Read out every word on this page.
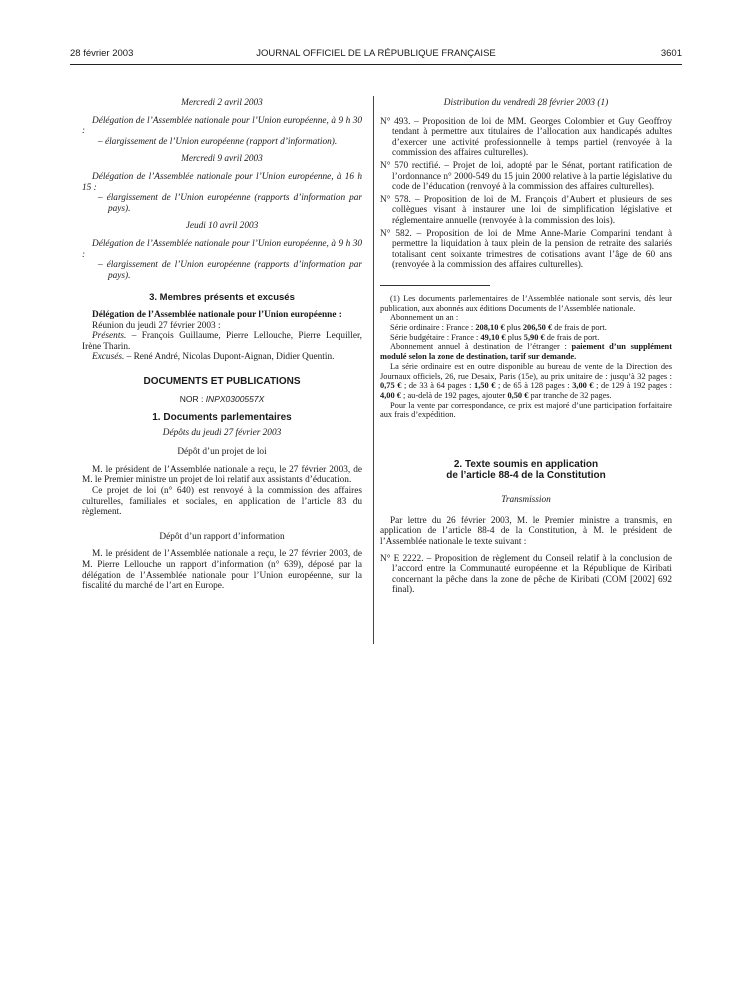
28 février 2003	JOURNAL OFFICIEL DE LA RÉPUBLIQUE FRANÇAISE	3601

Mercredi 2 avril 2003

Délégation de l’Assemblée nationale pour l’Union européenne, à 9 h 30 :

– élargissement de l’Union européenne (rapport d’information).

Mercredi 9 avril 2003

Délégation de l’Assemblée nationale pour l’Union européenne, à 16 h 15 :

– élargissement de l’Union européenne (rapports d’information par pays).

Jeudi 10 avril 2003

Délégation de l’Assemblée nationale pour l’Union européenne, à 9 h 30 :

– élargissement de l’Union européenne (rapports d’information par pays).

3. Membres présents et excusés

Délégation de l’Assemblée nationale pour l’Union européenne :

Réunion du jeudi 27 février 2003 :

Présents. – François Guillaume, Pierre Lellouche, Pierre Lequiller, Irène Tharin.

Excusés. – René André, Nicolas Dupont-Aignan, Didier Quentin.

DOCUMENTS ET PUBLICATIONS

NOR : INPX0300557X

1. Documents parlementaires

Dépôts du jeudi 27 février 2003

Dépôt d’un projet de loi

M. le président de l’Assemblée nationale a reçu, le 27 février 2003, de M. le Premier ministre un projet de loi relatif aux assistants d’éducation.

Ce projet de loi (n° 640) est renvoyé à la commission des affaires culturelles, familiales et sociales, en application de l’article 83 du règlement.

Dépôt d’un rapport d’information

M. le président de l’Assemblée nationale a reçu, le 27 février 2003, de M. Pierre Lellouche un rapport d’information (n° 639), déposé par la délégation de l’Assemblée nationale pour l’Union européenne, sur la fiscalité du marché de l’art en Europe.

Distribution du vendredi 28 février 2003 (1)

N° 493. – Proposition de loi de MM. Georges Colombier et Guy Geoffroy tendant à permettre aux titulaires de l’allocation aux handicapés adultes d’exercer une activité professionnelle à temps partiel (renvoyée à la commission des affaires culturelles).

N° 570 rectifié. – Projet de loi, adopté par le Sénat, portant ratification de l’ordonnance n° 2000-549 du 15 juin 2000 relative à la partie législative du code de l’éducation (renvoyé à la commission des affaires culturelles).

N° 578. – Proposition de loi de M. François d’Aubert et plusieurs de ses collègues visant à instaurer une loi de simplification législative et réglementaire annuelle (renvoyée à la commission des lois).

N° 582. – Proposition de loi de Mme Anne-Marie Comparini tendant à permettre la liquidation à taux plein de la pension de retraite des salariés totalisant cent soixante trimestres de cotisations avant l’âge de 60 ans (renvoyée à la commission des affaires culturelles).

(1) Les documents parlementaires de l’Assemblée nationale sont servis, dès leur publication, aux abonnés aux éditions Documents de l’Assemblée nationale.

Abonnement un an :

Série ordinaire : France : 208,10 € plus 206,50 € de frais de port.

Série budgétaire : France : 49,10 € plus 5,90 € de frais de port.

Abonnement annuel à destination de l’étranger : paiement d’un supplément modulé selon la zone de destination, tarif sur demande.

La série ordinaire est en outre disponible au bureau de vente de la Direction des Journaux officiels, 26, rue Desaix, Paris (15e), au prix unitaire de : jusqu’à 32 pages : 0,75 € ; de 33 à 64 pages : 1,50 € ; de 65 à 128 pages : 3,00 € ; de 129 à 192 pages : 4,00 € ; au-delà de 192 pages, ajouter 0,50 € par tranche de 32 pages.

Pour la vente par correspondance, ce prix est majoré d’une participation forfaitaire aux frais d’expédition.

2. Texte soumis en application

de l’article 88-4 de la Constitution

Transmission

Par lettre du 26 février 2003, M. le Premier ministre a transmis, en application de l’article 88-4 de la Constitution, à M. le président de l’Assemblée nationale le texte suivant :

N° E 2222. – Proposition de règlement du Conseil relatif à la conclusion de l’accord entre la Communauté européenne et la République de Kiribati concernant la pêche dans la zone de pêche de Kiribati (COM [2002] 692 final).
